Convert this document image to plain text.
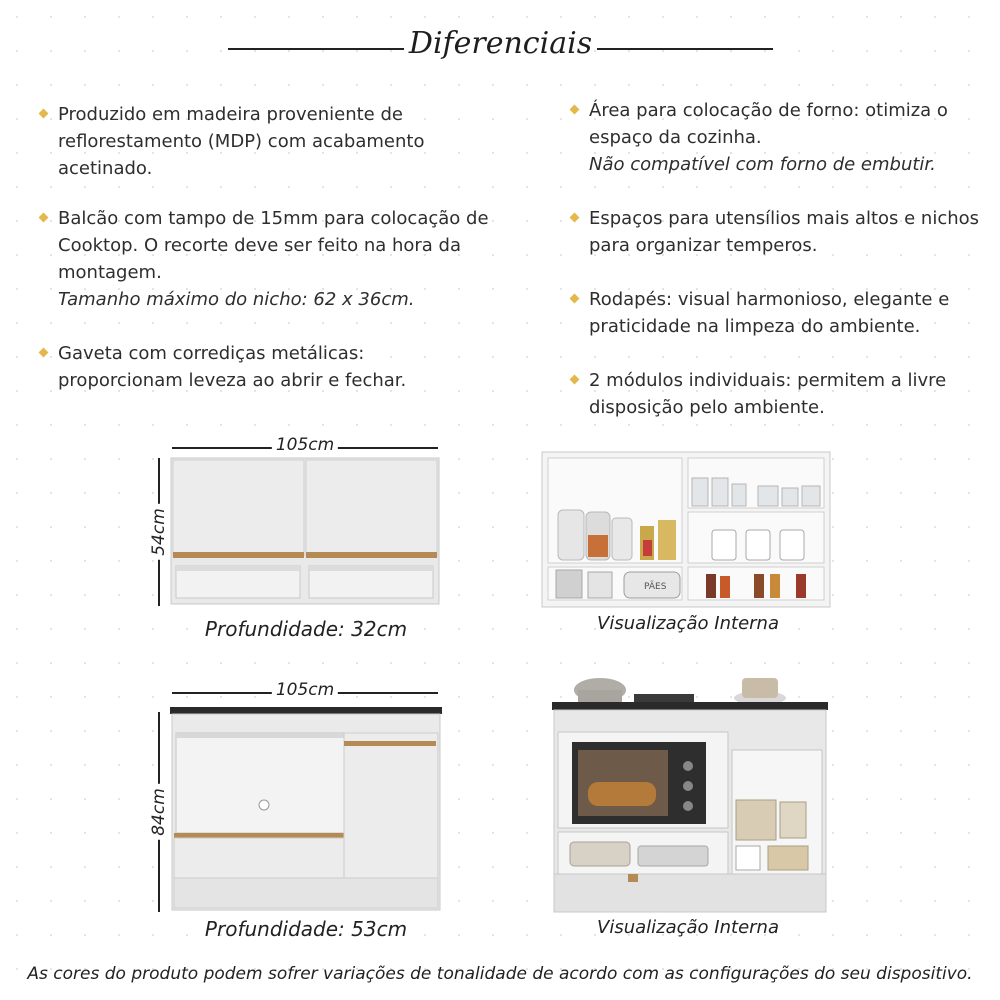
Diferenciais
Produzido em madeira proveniente de reflorestamento (MDP) com acabamento acetinado.
Balcão com tampo de 15mm para colocação de Cooktop. O recorte deve ser feito na hora da montagem.
Tamanho máximo do nicho: 62 x 36cm.
Gaveta com corrediças metálicas: proporcionam leveza ao abrir e fechar.
Área para colocação de forno: otimiza o espaço da cozinha.
Não compatível com forno de embutir.
Espaços para utensílios mais altos e nichos para organizar temperos.
Rodapés: visual harmonioso, elegante e praticidade na limpeza do ambiente.
2 módulos individuais: permitem a livre disposição pelo ambiente.
105cm
54cm
Profundidade: 32cm
PÃES
Visualização Interna
105cm
84cm
Profundidade: 53cm	Visualização Interna
As cores do produto podem sofrer variações de tonalidade de acordo com as configurações do seu dispositivo.
